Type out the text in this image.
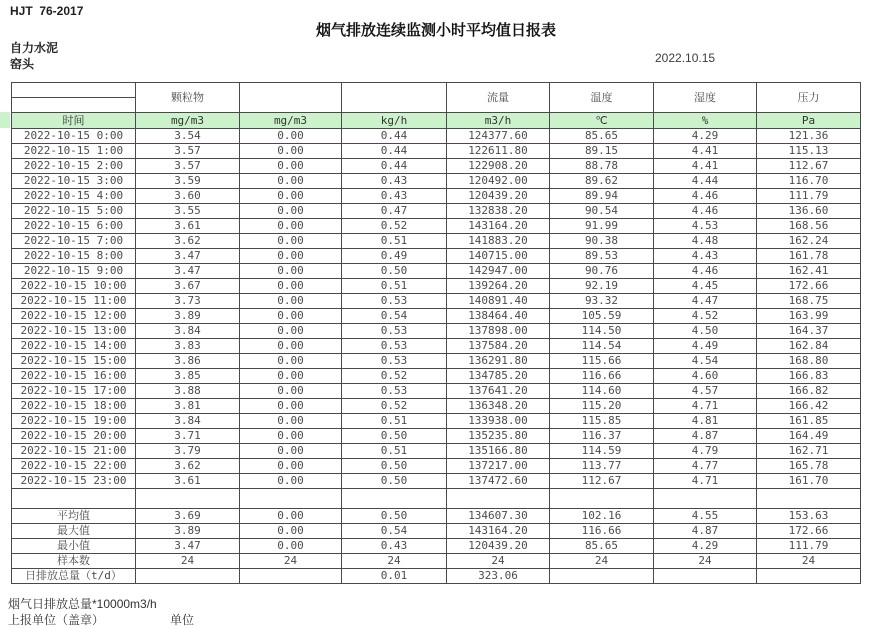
HJT  76-2017
烟气排放连续监测小时平均值日报表
自力水泥
窑头	2022.10.15
	颗粒物			流量	温度	湿度	压力

时间	mg/m3	mg/m3	kg/h	m3/h	℃	%	Pa
2022-10-15 0:00	3.54	0.00	0.44	124377.60	85.65	4.29	121.36
2022-10-15 1:00	3.57	0.00	0.44	122611.80	89.15	4.41	115.13
2022-10-15 2:00	3.57	0.00	0.44	122908.20	88.78	4.41	112.67
2022-10-15 3:00	3.59	0.00	0.43	120492.00	89.62	4.44	116.70
2022-10-15 4:00	3.60	0.00	0.43	120439.20	89.94	4.46	111.79
2022-10-15 5:00	3.55	0.00	0.47	132838.20	90.54	4.46	136.60
2022-10-15 6:00	3.61	0.00	0.52	143164.20	91.99	4.53	168.56
2022-10-15 7:00	3.62	0.00	0.51	141883.20	90.38	4.48	162.24
2022-10-15 8:00	3.47	0.00	0.49	140715.00	89.53	4.43	161.78
2022-10-15 9:00	3.47	0.00	0.50	142947.00	90.76	4.46	162.41
2022-10-15 10:00	3.67	0.00	0.51	139264.20	92.19	4.45	172.66
2022-10-15 11:00	3.73	0.00	0.53	140891.40	93.32	4.47	168.75
2022-10-15 12:00	3.89	0.00	0.54	138464.40	105.59	4.52	163.99
2022-10-15 13:00	3.84	0.00	0.53	137898.00	114.50	4.50	164.37
2022-10-15 14:00	3.83	0.00	0.53	137584.20	114.54	4.49	162.84
2022-10-15 15:00	3.86	0.00	0.53	136291.80	115.66	4.54	168.80
2022-10-15 16:00	3.85	0.00	0.52	134785.20	116.66	4.60	166.83
2022-10-15 17:00	3.88	0.00	0.53	137641.20	114.60	4.57	166.82
2022-10-15 18:00	3.81	0.00	0.52	136348.20	115.20	4.71	166.42
2022-10-15 19:00	3.84	0.00	0.51	133938.00	115.85	4.81	161.85
2022-10-15 20:00	3.71	0.00	0.50	135235.80	116.37	4.87	164.49
2022-10-15 21:00	3.79	0.00	0.51	135166.80	114.59	4.79	162.71
2022-10-15 22:00	3.62	0.00	0.50	137217.00	113.77	4.77	165.78
2022-10-15 23:00	3.61	0.00	0.50	137472.60	112.67	4.71	161.70

平均值	3.69	0.00	0.50	134607.30	102.16	4.55	153.63
最大值	3.89	0.00	0.54	143164.20	116.66	4.87	172.66
最小值	3.47	0.00	0.43	120439.20	85.65	4.29	111.79
样本数	24	24	24	24	24	24	24
日排放总量（t/d）			0.01	323.06			
烟气日排放总量*10000m3/h
上报单位（盖章）	单位
